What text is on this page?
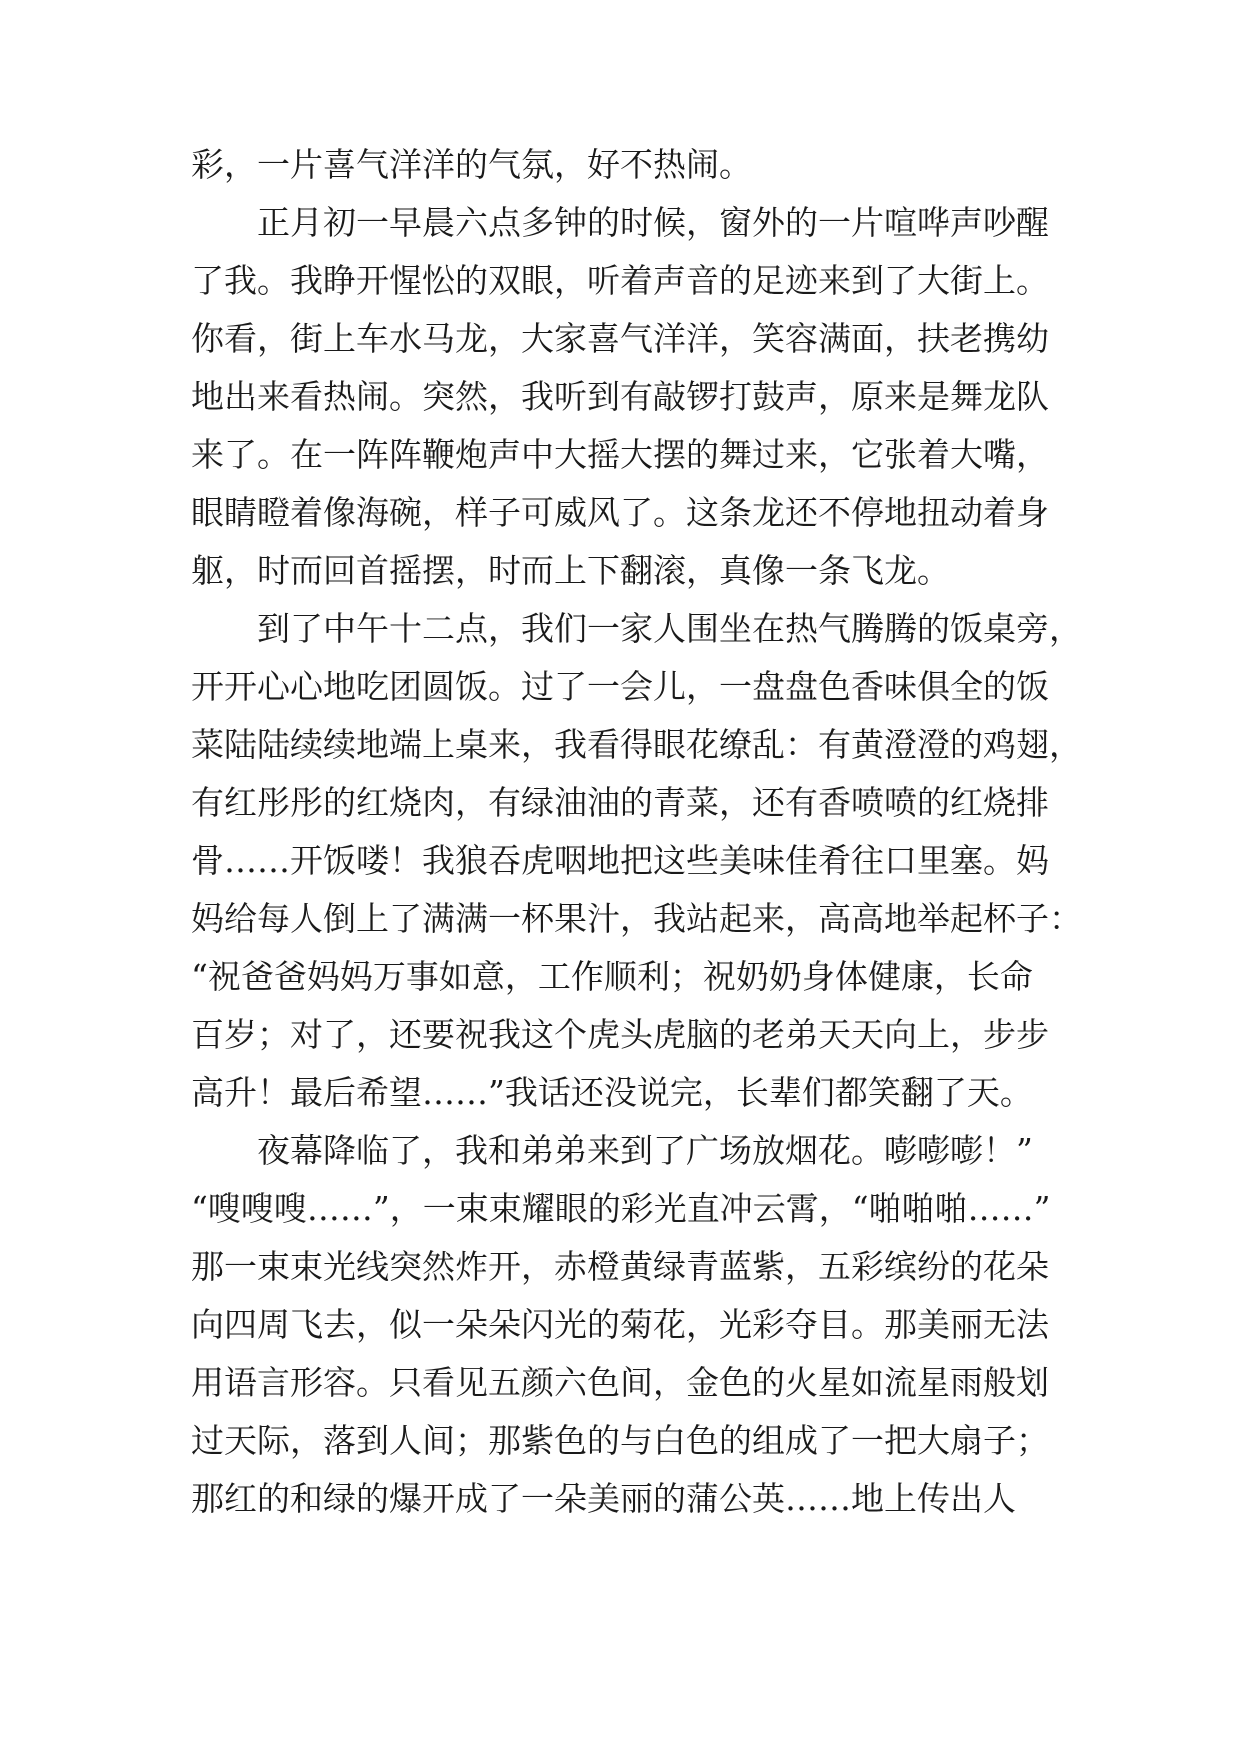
彩，一片喜气洋洋的气氛，好不热闹。
正月初一早晨六点多钟的时候，窗外的一片喧哗声吵醒
了我。我睁开惺忪的双眼，听着声音的足迹来到了大街上。
你看，街上车水马龙，大家喜气洋洋，笑容满面，扶老携幼
地出来看热闹。突然，我听到有敲锣打鼓声，原来是舞龙队
来了。在一阵阵鞭炮声中大摇大摆的舞过来，它张着大嘴，
眼睛瞪着像海碗，样子可威风了。这条龙还不停地扭动着身
躯，时而回首摇摆，时而上下翻滚，真像一条飞龙。
到了中午十二点，我们一家人围坐在热气腾腾的饭桌旁，
开开心心地吃团圆饭。过了一会儿，一盘盘色香味俱全的饭
菜陆陆续续地端上桌来，我看得眼花缭乱：有黄澄澄的鸡翅，
有红彤彤的红烧肉，有绿油油的青菜，还有香喷喷的红烧排
骨……开饭喽！我狼吞虎咽地把这些美味佳肴往口里塞。妈
妈给每人倒上了满满一杯果汁，我站起来，高高地举起杯子：
“祝爸爸妈妈万事如意，工作顺利；祝奶奶身体健康，长命
百岁；对了，还要祝我这个虎头虎脑的老弟天天向上，步步
高升！最后希望……”我话还没说完，长辈们都笑翻了天。
夜幕降临了，我和弟弟来到了广场放烟花。嘭嘭嘭！”
“嗖嗖嗖……”，一束束耀眼的彩光直冲云霄，“啪啪啪……”
那一束束光线突然炸开，赤橙黄绿青蓝紫，五彩缤纷的花朵
向四周飞去，似一朵朵闪光的菊花，光彩夺目。那美丽无法
用语言形容。只看见五颜六色间，金色的火星如流星雨般划
过天际，落到人间；那紫色的与白色的组成了一把大扇子；
那红的和绿的爆开成了一朵美丽的蒲公英……地上传出人
